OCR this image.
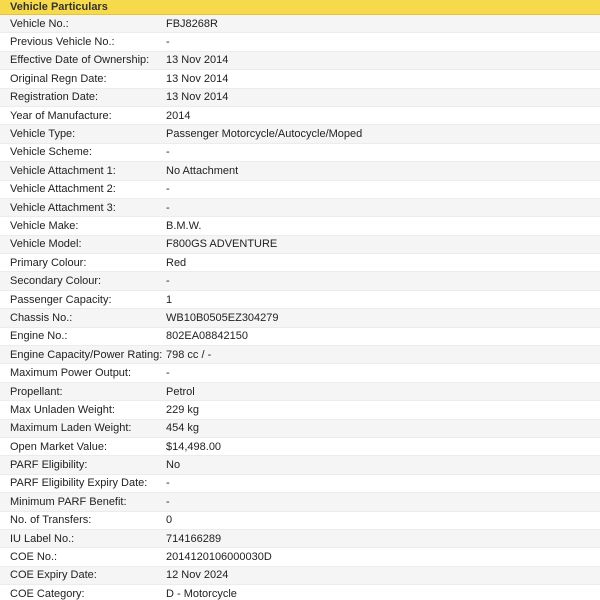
Vehicle Particulars
Vehicle No.:	FBJ8268R
Previous Vehicle No.:	-
Effective Date of Ownership:	13 Nov 2014
Original Regn Date:	13 Nov 2014
Registration Date:	13 Nov 2014
Year of Manufacture:	2014
Vehicle Type:	Passenger Motorcycle/Autocycle/Moped
Vehicle Scheme:	-
Vehicle Attachment 1:	No Attachment
Vehicle Attachment 2:	-
Vehicle Attachment 3:	-
Vehicle Make:	B.M.W.
Vehicle Model:	F800GS ADVENTURE
Primary Colour:	Red
Secondary Colour:	-
Passenger Capacity:	1
Chassis No.:	WB10B0505EZ304279
Engine No.:	802EA08842150
Engine Capacity/Power Rating: 798 cc / -
Maximum Power Output:	-
Propellant:	Petrol
Max Unladen Weight:	229 kg
Maximum Laden Weight:	454 kg
Open Market Value:	$14,498.00
PARF Eligibility:	No
PARF Eligibility Expiry Date:	-
Minimum PARF Benefit:	-
No. of Transfers:	0
IU Label No.:	714166289
COE No.:	2014120106000030D
COE Expiry Date:	12 Nov 2024
COE Category:	D - Motorcycle
